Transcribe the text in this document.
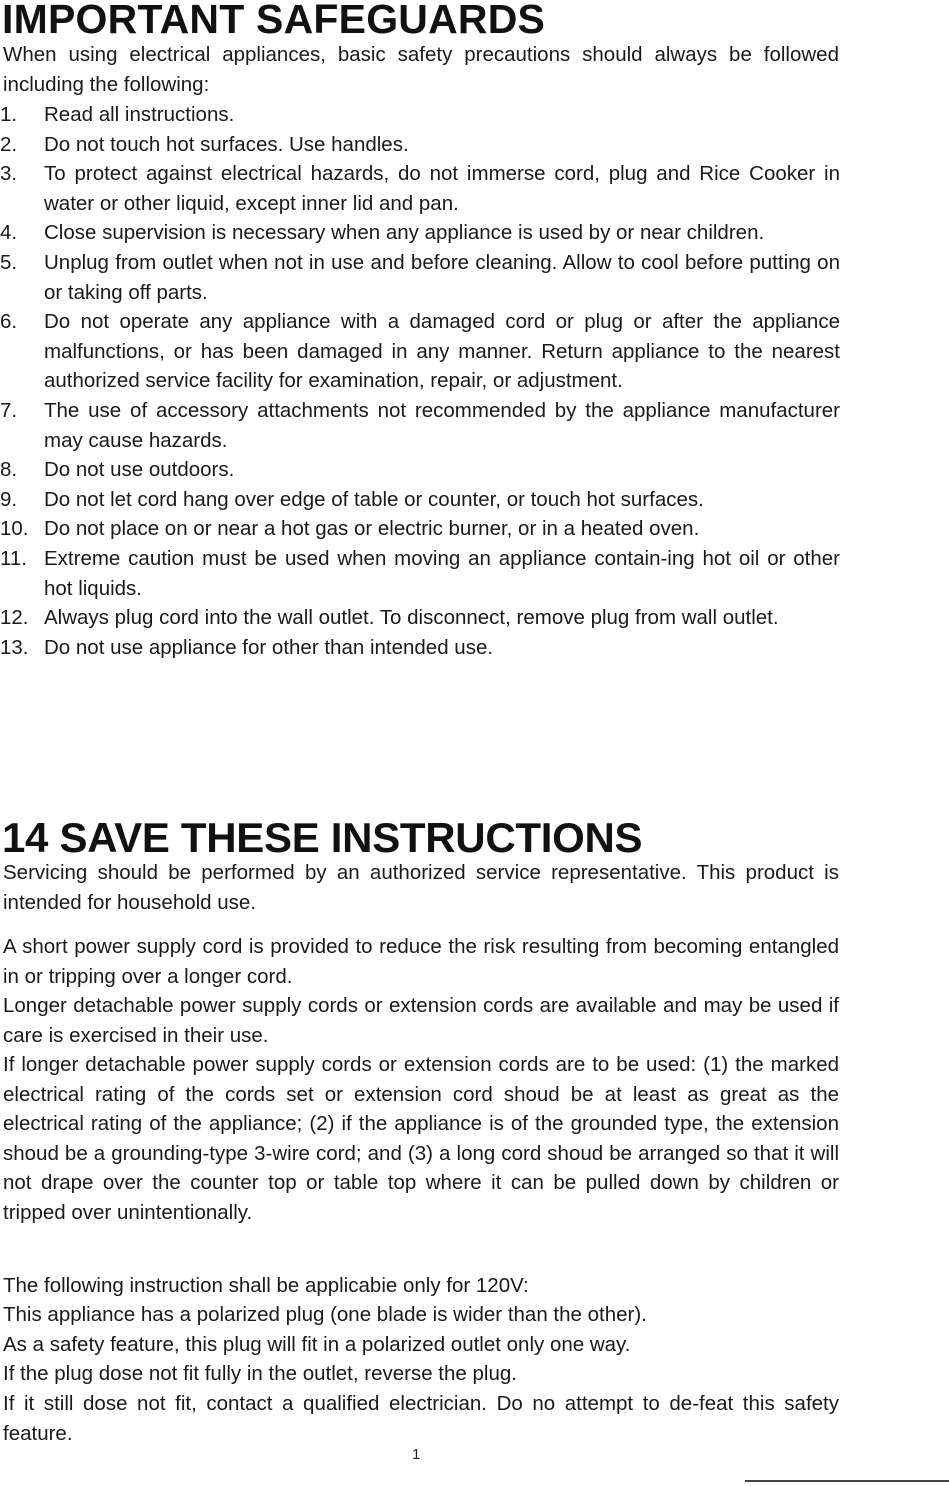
IMPORTANT SAFEGUARDS

When using electrical appliances, basic safety precautions should always be followed including the following:

1.	Read all instructions.
2.	Do not touch hot surfaces. Use handles.
3.	To protect against electrical hazards, do not immerse cord, plug and Rice Cooker in water or other liquid, except inner lid and pan.
4.	Close supervision is necessary when any appliance is used by or near children.
5.	Unplug from outlet when not in use and before cleaning. Allow to cool before putting on or taking off parts.
6.	Do not operate any appliance with a damaged cord or plug or after the appliance malfunctions, or has been damaged in any manner. Return appliance to the nearest authorized service facility for examination, repair, or adjustment.
7.	The use of accessory attachments not recommended by the appliance manufacturer may cause hazards.
8.	Do not use outdoors.
9.	Do not let cord hang over edge of table or counter, or touch hot surfaces.
10. Do not place on or near a hot gas or electric burner, or in a heated oven.
11. Extreme caution must be used when moving an appliance contain-ing hot oil or other hot liquids.
12. Always plug cord into the wall outlet. To disconnect, remove plug from wall outlet.
13. Do not use appliance for other than intended use.
14 SAVE THESE INSTRUCTIONS

Servicing should be performed by an authorized service representative. This product is intended for household use.

A short power supply cord is provided to reduce the risk resulting from becoming entangled in or tripping over a longer cord.

Longer detachable power supply cords or extension cords are available and may be used if care is exercised in their use.

If longer detachable power supply cords or extension cords are to be used: (1) the marked electrical rating of the cords set or extension cord shoud be at least as great as the electrical rating of the appliance; (2) if the appliance is of the grounded type, the extension shoud be a grounding-type 3-wire cord; and (3) a long cord shoud be arranged so that it will not drape over the counter top or table top where it can be pulled down by children or tripped over unintentionally.

The following instruction shall be applicabie only for 120V:

This appliance has a polarized plug (one blade is wider than the other).

As a safety feature, this plug will fit in a polarized outlet only one way.

If the plug dose not fit fully in the outlet, reverse the plug.

If it still dose not fit, contact a qualified electrician. Do no attempt to de-feat this safety feature.

1
